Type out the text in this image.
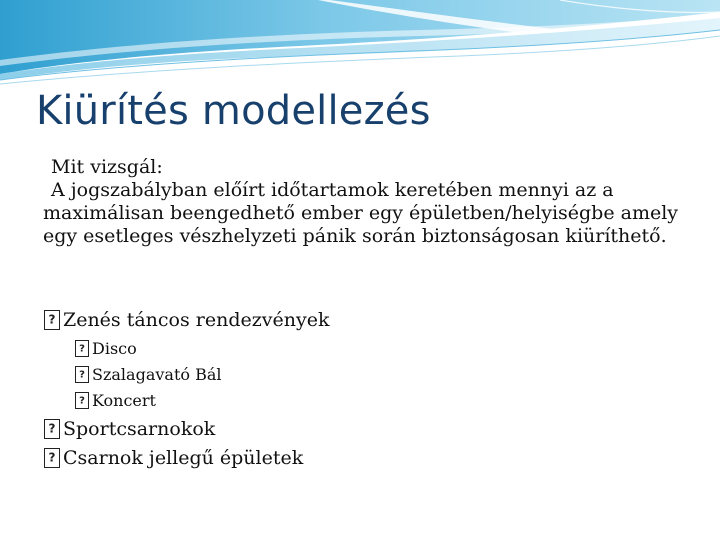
Kiürítés modellezés
Mit vizsgál:
A jogszabályban előírt időtartamok keretében mennyi az a maximálisan beengedhető ember egy épületben/helyiségbe amely egy esetleges vészhelyzeti pánik során biztonságosan kiüríthető.
?
Zenés táncos rendezvények
?
Disco
?
Szalagavató Bál
?
Koncert
?
Sportcsarnokok
?
Csarnok jellegű épületek
